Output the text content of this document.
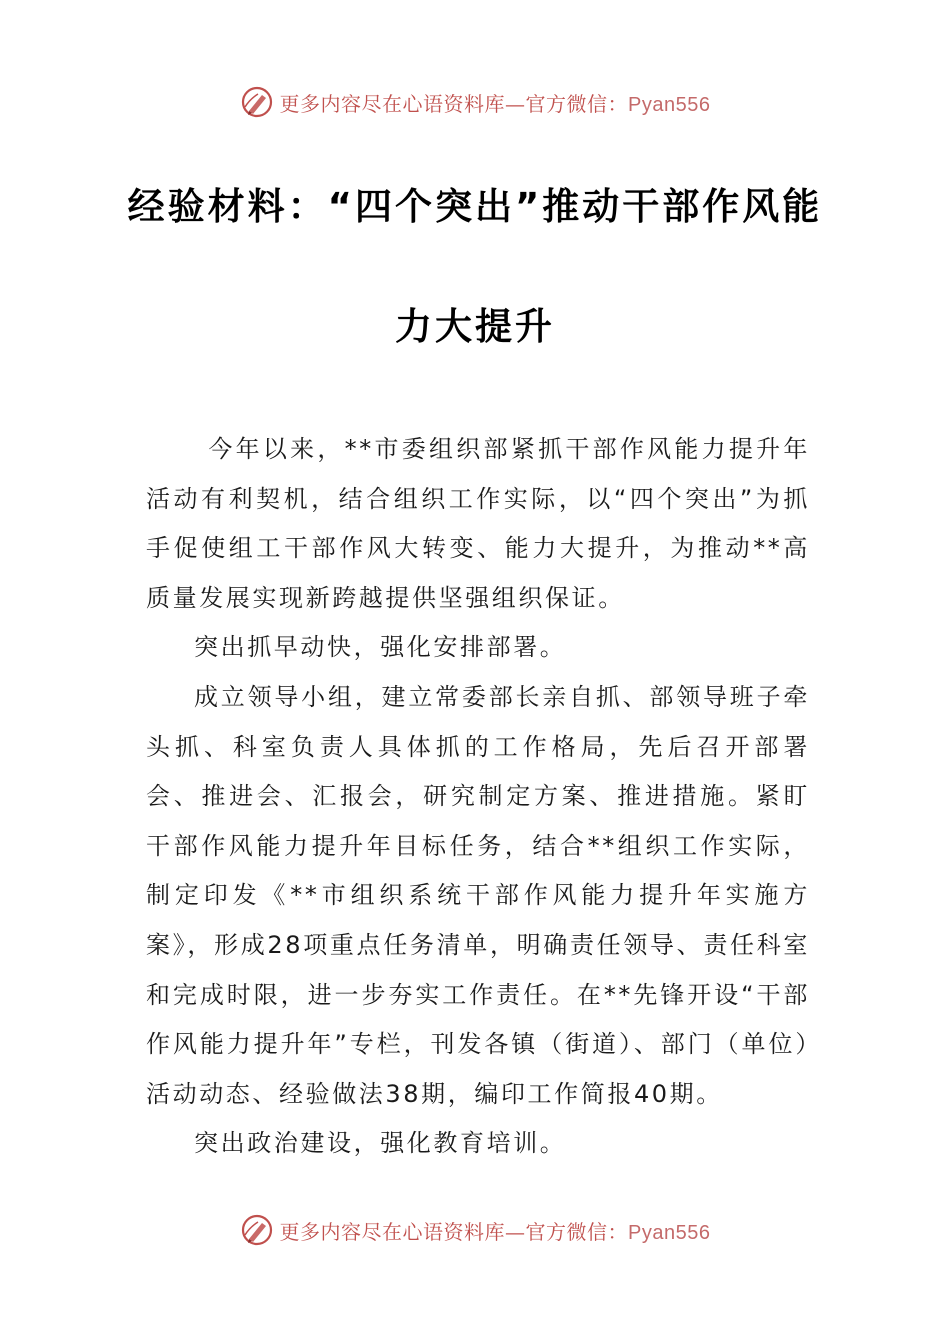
更多内容尽在心语资料库—官方微信：Pyan556
经验材料：“四个突出”推动干部作风能
力大提升

今年以来，**市委组织部紧抓干部作风能力提升年活动有利契机，结合组织工作实际，以“四个突出”为抓手促使组工干部作风大转变、能力大提升，为推动**高质量发展实现新跨越提供坚强组织保证。

突出抓早动快，强化安排部署。

成立领导小组，建立常委部长亲自抓、部领导班子牵头抓、科室负责人具体抓的工作格局，先后召开部署会、推进会、汇报会，研究制定方案、推进措施。紧盯干部作风能力提升年目标任务，结合**组织工作实际，制定印发《**市组织系统干部作风能力提升年实施方案》，形成28项重点任务清单，明确责任领导、责任科室和完成时限，进一步夯实工作责任。在**先锋开设“干部作风能力提升年”专栏，刊发各镇（街道）、部门（单位）活动动态、经验做法38期，编印工作简报40期。

突出政治建设，强化教育培训。

更多内容尽在心语资料库—官方微信：Pyan556
